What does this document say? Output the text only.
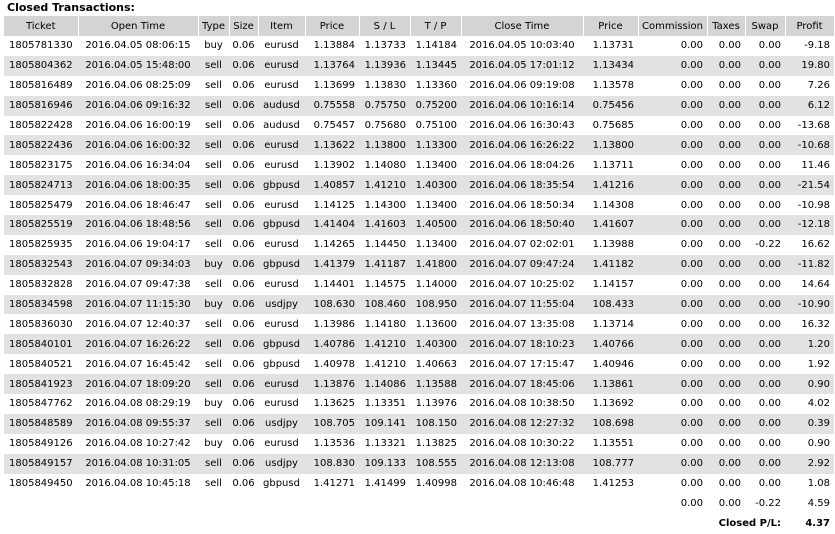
Closed Transactions:
Ticket	Open Time	Type	Size	Item	Price	S / L	T / P	Close Time	Price	Commission	Taxes	Swap	Profit
1805781330	2016.04.05 08:06:15	buy	0.06	eurusd	1.13884	1.13733	1.14184	2016.04.05 10:03:40	1.13731	0.00	0.00	0.00	-9.18
1805804362	2016.04.05 15:48:00	sell	0.06	eurusd	1.13764	1.13936	1.13445	2016.04.05 17:01:12	1.13434	0.00	0.00	0.00	19.80
1805816489	2016.04.06 08:25:09	sell	0.06	eurusd	1.13699	1.13830	1.13360	2016.04.06 09:19:08	1.13578	0.00	0.00	0.00	7.26
1805816946	2016.04.06 09:16:32	sell	0.06	audusd	0.75558	0.75750	0.75200	2016.04.06 10:16:14	0.75456	0.00	0.00	0.00	6.12
1805822428	2016.04.06 16:00:19	sell	0.06	audusd	0.75457	0.75680	0.75100	2016.04.06 16:30:43	0.75685	0.00	0.00	0.00	-13.68
1805822436	2016.04.06 16:00:32	sell	0.06	eurusd	1.13622	1.13800	1.13300	2016.04.06 16:26:22	1.13800	0.00	0.00	0.00	-10.68
1805823175	2016.04.06 16:34:04	sell	0.06	eurusd	1.13902	1.14080	1.13400	2016.04.06 18:04:26	1.13711	0.00	0.00	0.00	11.46
1805824713	2016.04.06 18:00:35	sell	0.06	gbpusd	1.40857	1.41210	1.40300	2016.04.06 18:35:54	1.41216	0.00	0.00	0.00	-21.54
1805825479	2016.04.06 18:46:47	sell	0.06	eurusd	1.14125	1.14300	1.13400	2016.04.06 18:50:34	1.14308	0.00	0.00	0.00	-10.98
1805825519	2016.04.06 18:48:56	sell	0.06	gbpusd	1.41404	1.41603	1.40500	2016.04.06 18:50:40	1.41607	0.00	0.00	0.00	-12.18
1805825935	2016.04.06 19:04:17	sell	0.06	eurusd	1.14265	1.14450	1.13400	2016.04.07 02:02:01	1.13988	0.00	0.00	-0.22	16.62
1805832543	2016.04.07 09:34:03	buy	0.06	gbpusd	1.41379	1.41187	1.41800	2016.04.07 09:47:24	1.41182	0.00	0.00	0.00	-11.82
1805832828	2016.04.07 09:47:38	sell	0.06	eurusd	1.14401	1.14575	1.14000	2016.04.07 10:25:02	1.14157	0.00	0.00	0.00	14.64
1805834598	2016.04.07 11:15:30	buy	0.06	usdjpy	108.630	108.460	108.950	2016.04.07 11:55:04	108.433	0.00	0.00	0.00	-10.90
1805836030	2016.04.07 12:40:37	sell	0.06	eurusd	1.13986	1.14180	1.13600	2016.04.07 13:35:08	1.13714	0.00	0.00	0.00	16.32
1805840101	2016.04.07 16:26:22	sell	0.06	gbpusd	1.40786	1.41210	1.40300	2016.04.07 18:10:23	1.40766	0.00	0.00	0.00	1.20
1805840521	2016.04.07 16:45:42	sell	0.06	gbpusd	1.40978	1.41210	1.40663	2016.04.07 17:15:47	1.40946	0.00	0.00	0.00	1.92
1805841923	2016.04.07 18:09:20	sell	0.06	eurusd	1.13876	1.14086	1.13588	2016.04.07 18:45:06	1.13861	0.00	0.00	0.00	0.90
1805847762	2016.04.08 08:29:19	buy	0.06	eurusd	1.13625	1.13351	1.13976	2016.04.08 10:38:50	1.13692	0.00	0.00	0.00	4.02
1805848589	2016.04.08 09:55:37	sell	0.06	usdjpy	108.705	109.141	108.150	2016.04.08 12:27:32	108.698	0.00	0.00	0.00	0.39
1805849126	2016.04.08 10:27:42	buy	0.06	eurusd	1.13536	1.13321	1.13825	2016.04.08 10:30:22	1.13551	0.00	0.00	0.00	0.90
1805849157	2016.04.08 10:31:05	sell	0.06	usdjpy	108.830	109.133	108.555	2016.04.08 12:13:08	108.777	0.00	0.00	0.00	2.92
1805849450	2016.04.08 10:45:18	sell	0.06	gbpusd	1.41271	1.41499	1.40998	2016.04.08 10:46:48	1.41253	0.00	0.00	0.00	1.08
										0.00	0.00	-0.22	4.59
										Closed P/L:			4.37
